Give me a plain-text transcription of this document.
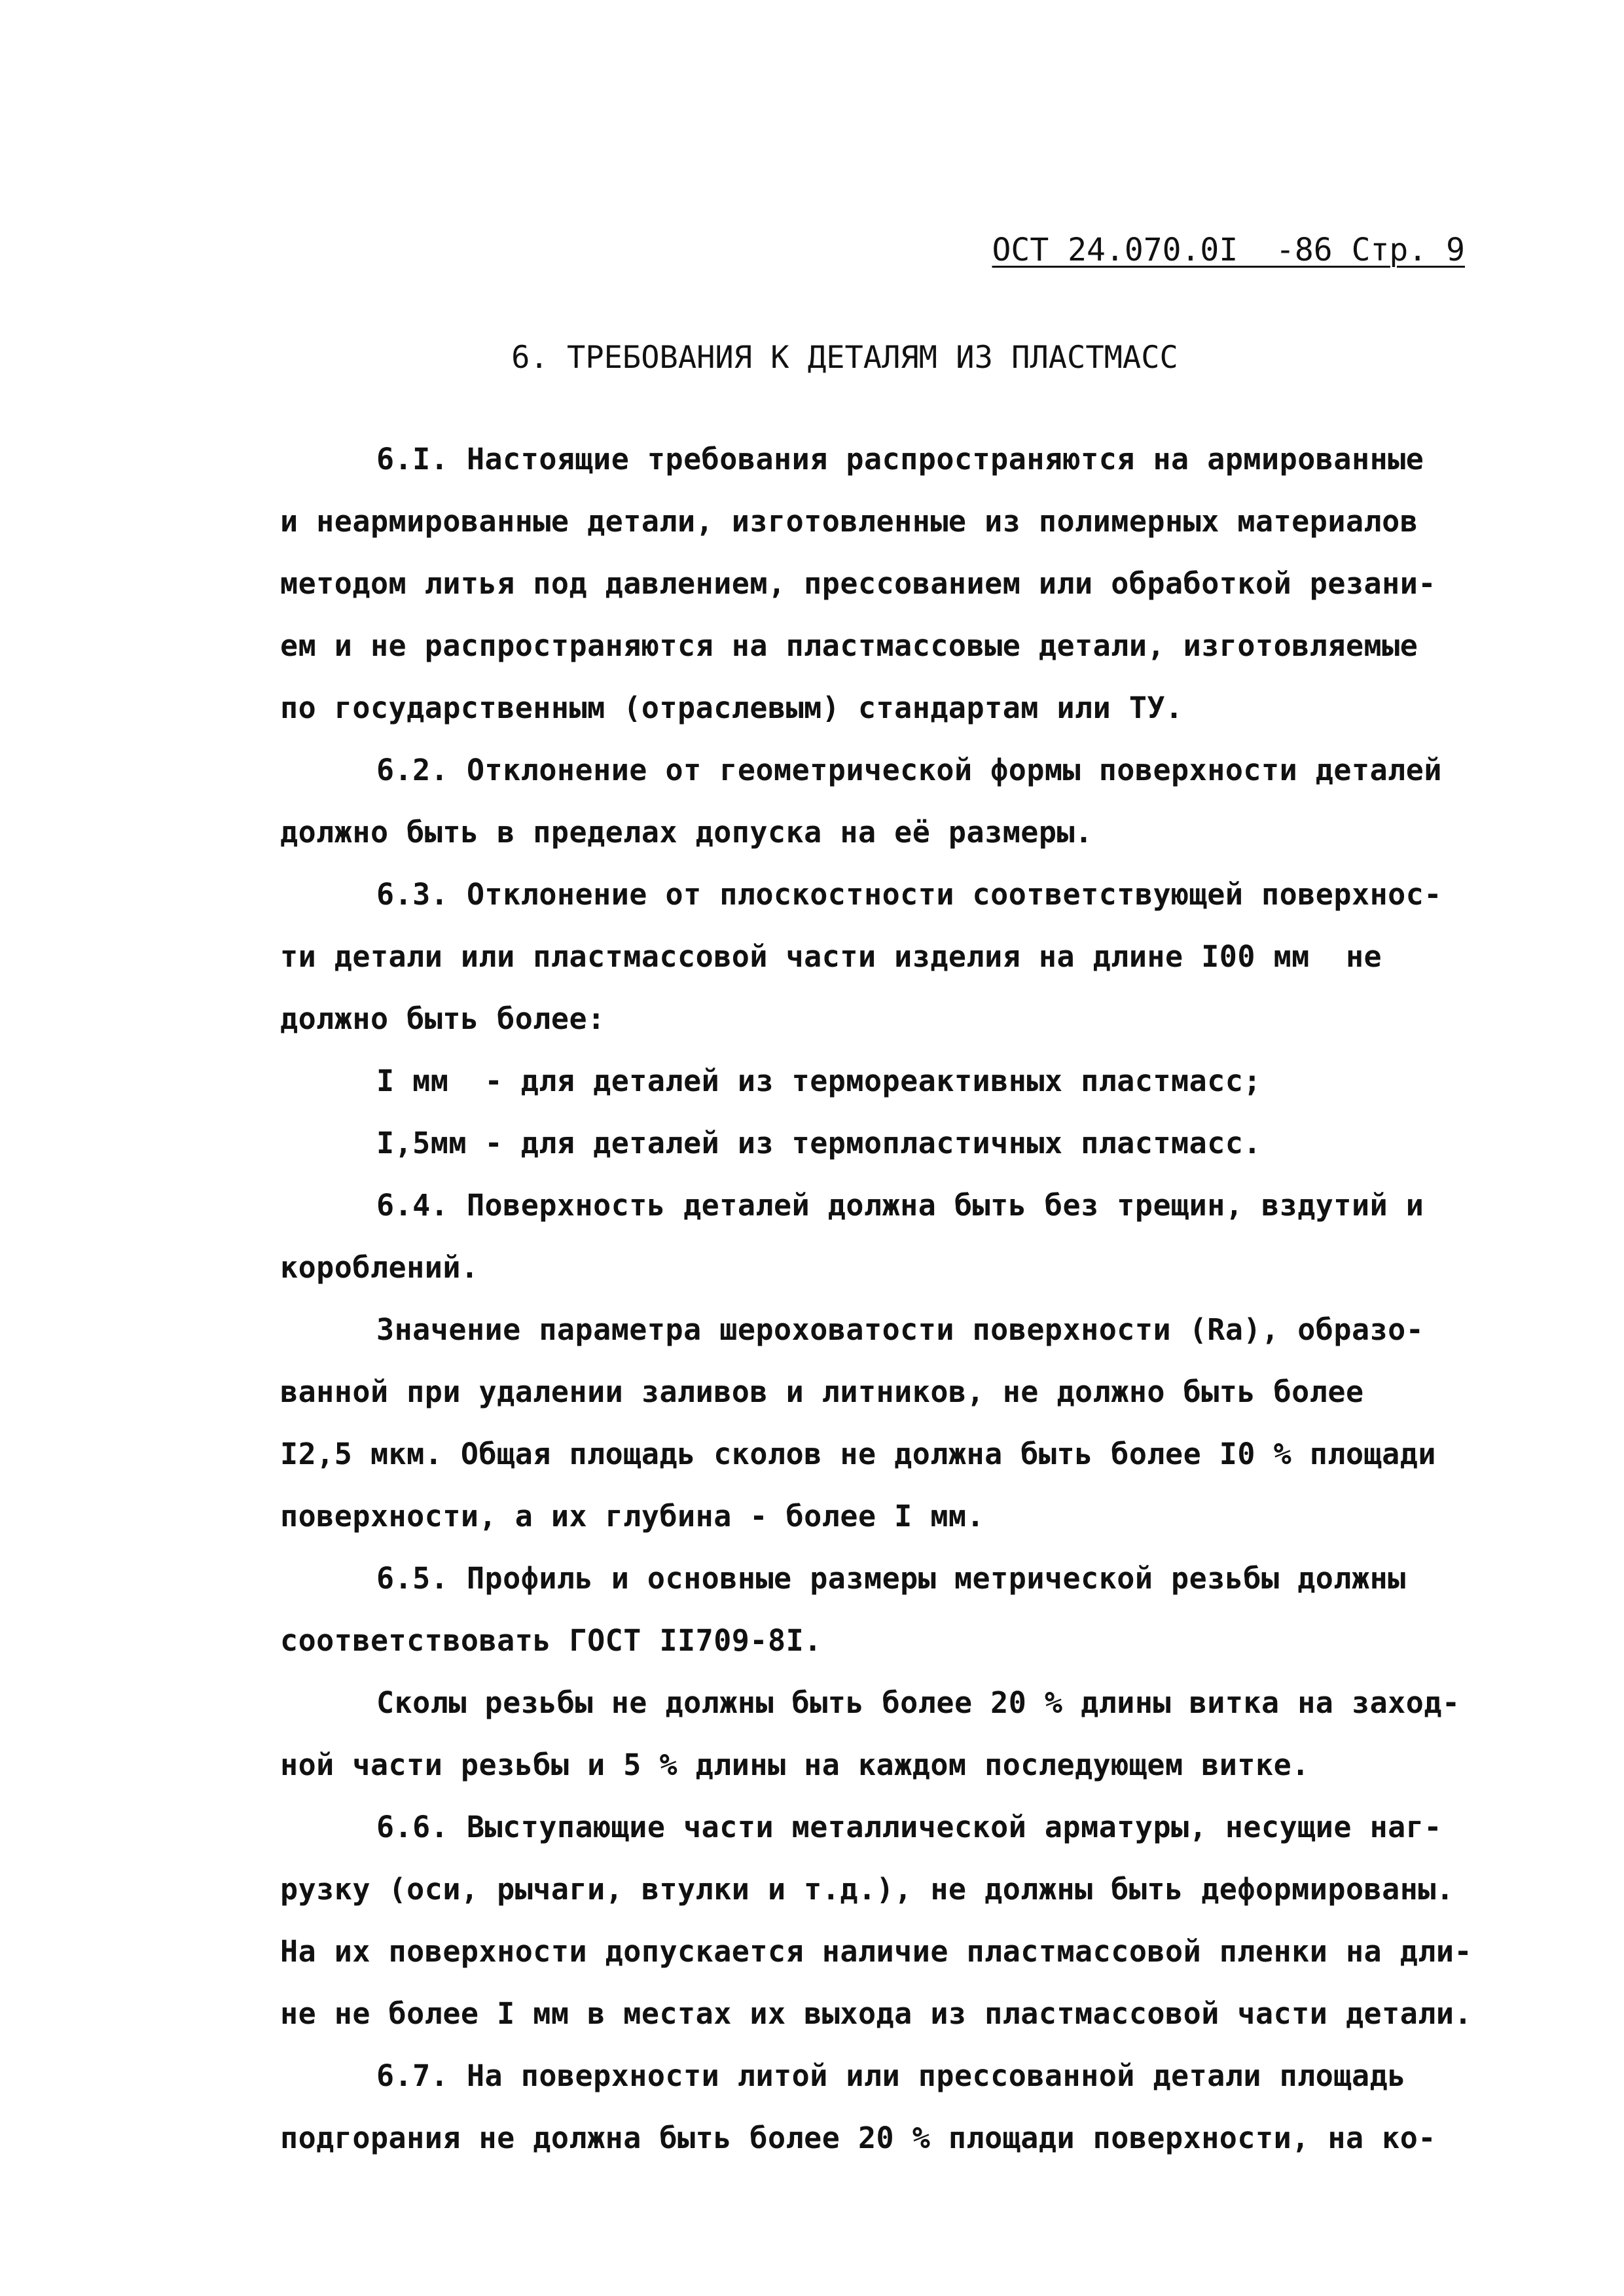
ОСТ 24.070.0I  -86 Стр. 9
6. ТРЕБОВАНИЯ К ДЕТАЛЯМ ИЗ ПЛАСТМАСС
6.I. Настоящие требования распространяются на армированные
и неармированные детали, изготовленные из полимерных материалов
методом литья под давлением, прессованием или обработкой резани-
ем и не распространяются на пластмассовые детали, изготовляемые
по государственным (отраслевым) стандартам или ТУ.
6.2. Отклонение от геометрической формы поверхности деталей
должно быть в пределах допуска на её размеры.
6.3. Отклонение от плоскостности соответствующей поверхнос-
ти детали или пластмассовой части изделия на длине I00 мм  не
должно быть более:
I мм  - для деталей из термореактивных пластмасс;
I,5мм - для деталей из термопластичных пластмасс.
6.4. Поверхность деталей должна быть без трещин, вздутий и
короблений.
Значение параметра шероховатости поверхности (Ra), образо-
ванной при удалении заливов и литников, не должно быть более
I2,5 мкм. Общая площадь сколов не должна быть более I0 % площади
поверхности, а их глубина - более I мм.
6.5. Профиль и основные размеры метрической резьбы должны
соответствовать ГОСТ II709-8I.
Сколы резьбы не должны быть более 20 % длины витка на заход-
ной части резьбы и 5 % длины на каждом последующем витке.
6.6. Выступающие части металлической арматуры, несущие наг-
рузку (оси, рычаги, втулки и т.д.), не должны быть деформированы.
На их поверхности допускается наличие пластмассовой пленки на дли-
не не более I мм в местах их выхода из пластмассовой части детали.
6.7. На поверхности литой или прессованной детали площадь
подгорания не должна быть более 20 % площади поверхности, на ко-
